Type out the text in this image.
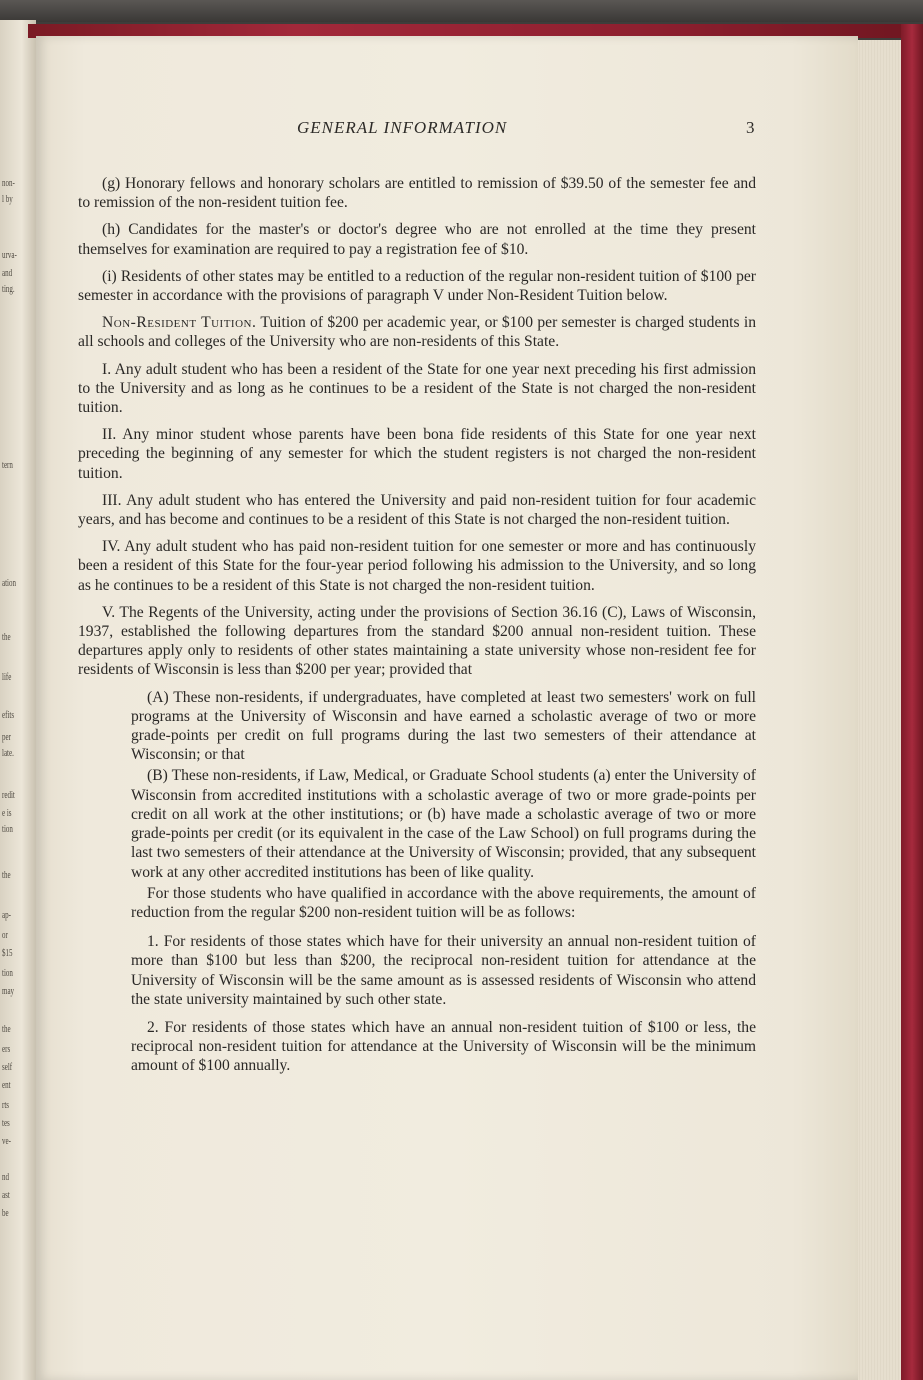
non-
l by
urva-
and
ting.
tern
ation
the
life
efits
per
late.
redit
e is
tion
the
ap-
or
$15
tion
may
the
ers
self
ent
rts
tes
ve-
nd
ast
be
GENERAL INFORMATION	3

(g) Honorary fellows and honorary scholars are entitled to remission of $39.50 of the semester fee and to remission of the non-resident tuition fee.

(h) Candidates for the master's or doctor's degree who are not enrolled at the time they present themselves for examination are required to pay a registration fee of $10.

(i) Residents of other states may be entitled to a reduction of the regular non-resident tuition of $100 per semester in accordance with the provisions of paragraph V under Non-Resident Tuition below.

Non-Resident Tuition. Tuition of $200 per academic year, or $100 per semester is charged students in all schools and colleges of the University who are non-residents of this State.

I. Any adult student who has been a resident of the State for one year next preceding his first admission to the University and as long as he continues to be a resident of the State is not charged the non-resident tuition.

II. Any minor student whose parents have been bona fide residents of this State for one year next preceding the beginning of any semester for which the student registers is not charged the non-resident tuition.

III. Any adult student who has entered the University and paid non-resident tuition for four academic years, and has become and continues to be a resident of this State is not charged the non-resident tuition.

IV. Any adult student who has paid non-resident tuition for one semester or more and has continuously been a resident of this State for the four-year period following his admission to the University, and so long as he continues to be a resident of this State is not charged the non-resident tuition.

V. The Regents of the University, acting under the provisions of Section 36.16 (C), Laws of Wisconsin, 1937, established the following departures from the standard $200 annual non-resident tuition. These departures apply only to residents of other states maintaining a state university whose non-resident fee for residents of Wisconsin is less than $200 per year; provided that

(A) These non-residents, if undergraduates, have completed at least two semesters' work on full programs at the University of Wisconsin and have earned a scholastic average of two or more grade-points per credit on full programs during the last two semesters of their attendance at Wisconsin; or that

(B) These non-residents, if Law, Medical, or Graduate School students (a) enter the University of Wisconsin from accredited institutions with a scholastic average of two or more grade-points per credit on all work at the other institutions; or (b) have made a scholastic average of two or more grade-points per credit (or its equivalent in the case of the Law School) on full programs during the last two semesters of their attendance at the University of Wisconsin; provided, that any subsequent work at any other accredited institutions has been of like quality.

For those students who have qualified in accordance with the above requirements, the amount of reduction from the regular $200 non-resident tuition will be as follows:

1. For residents of those states which have for their university an annual non-resident tuition of more than $100 but less than $200, the reciprocal non-resident tuition for attendance at the University of Wisconsin will be the same amount as is assessed residents of Wisconsin who attend the state university maintained by such other state.

2. For residents of those states which have an annual non-resident tuition of $100 or less, the reciprocal non-resident tuition for attendance at the University of Wisconsin will be the minimum amount of $100 annually.
